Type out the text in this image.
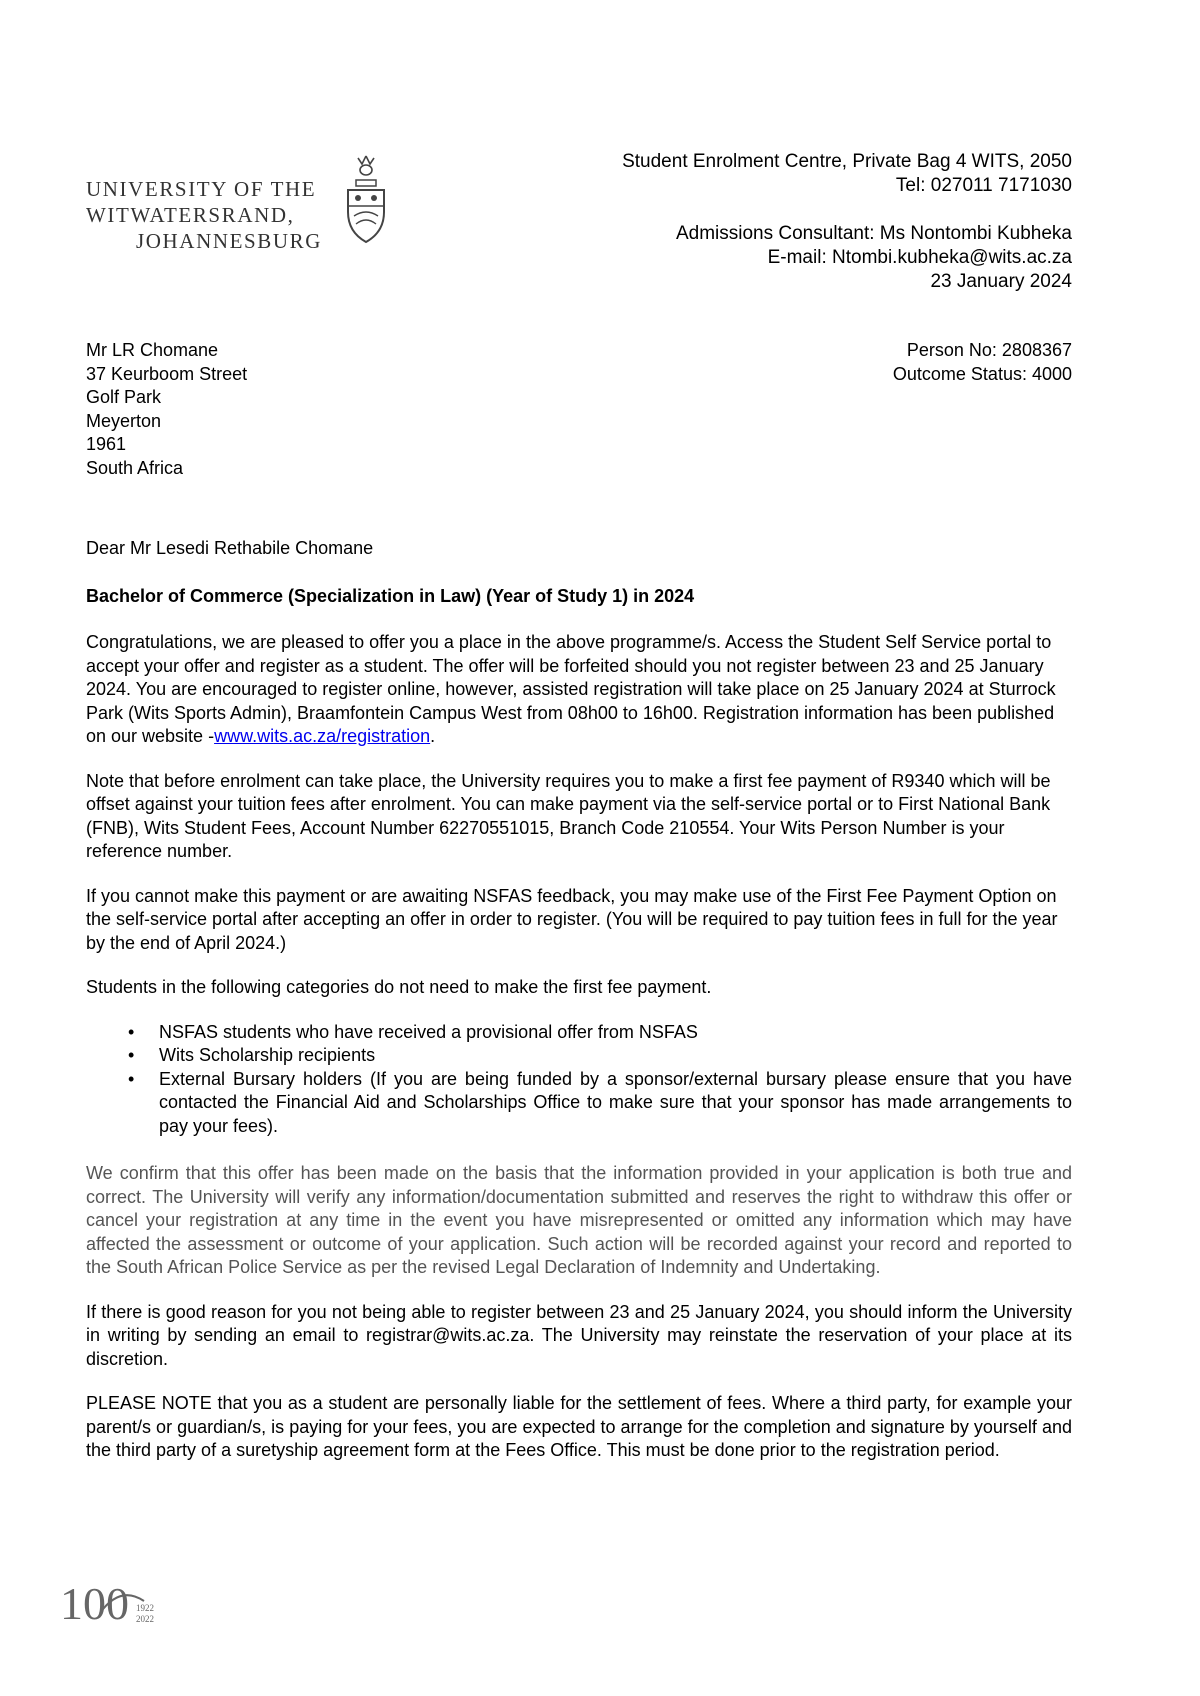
UNIVERSITY OF THE
WITWATERSRAND,
JOHANNESBURG
Student Enrolment Centre, Private Bag 4 WITS, 2050
Tel: 027011 7171030
Admissions Consultant: Ms Nontombi Kubheka
E-mail: Ntombi.kubheka@wits.ac.za
23 January 2024
Mr LR Chomane
37 Keurboom Street
Golf Park
Meyerton
1961
South Africa
Person No: 2808367
Outcome Status: 4000

Dear Mr Lesedi Rethabile Chomane

Bachelor of Commerce (Specialization in Law) (Year of Study 1) in 2024

Congratulations, we are pleased to offer you a place in the above programme/s. Access the Student Self Service portal to accept your offer and register as a student. The offer will be forfeited should you not register between 23 and 25 January 2024. You are encouraged to register online, however, assisted registration will take place on 25 January 2024 at Sturrock Park (Wits Sports Admin), Braamfontein Campus West from 08h00 to 16h00. Registration information has been published on our website -www.wits.ac.za/registration.

Note that before enrolment can take place, the University requires you to make a first fee payment of R9340 which will be offset against your tuition fees after enrolment. You can make payment via the self-service portal or to First National Bank (FNB), Wits Student Fees, Account Number 62270551015, Branch Code 210554. Your Wits Person Number is your reference number.

If you cannot make this payment or are awaiting NSFAS feedback, you may make use of the First Fee Payment Option on the self-service portal after accepting an offer in order to register. (You will be required to pay tuition fees in full for the year by the end of April 2024.)

Students in the following categories do not need to make the first fee payment.

• NSFAS students who have received a provisional offer from NSFAS
• Wits Scholarship recipients
• External Bursary holders (If you are being funded by a sponsor/external bursary please ensure that you have contacted the Financial Aid and Scholarships Office to make sure that your sponsor has made arrangements to pay your fees).

We confirm that this offer has been made on the basis that the information provided in your application is both true and correct. The University will verify any information/documentation submitted and reserves the right to withdraw this offer or cancel your registration at any time in the event you have misrepresented or omitted any information which may have affected the assessment or outcome of your application. Such action will be recorded against your record and reported to the South African Police Service as per the revised Legal Declaration of Indemnity and Undertaking.

If there is good reason for you not being able to register between 23 and 25 January 2024, you should inform the University in writing by sending an email to registrar@wits.ac.za. The University may reinstate the reservation of your place at its discretion.

PLEASE NOTE that you as a student are personally liable for the settlement of fees. Where a third party, for example your parent/s or guardian/s, is paying for your fees, you are expected to arrange for the completion and signature by yourself and the third party of a suretyship agreement form at the Fees Office. This must be done prior to the registration period.

100 1922
2022
